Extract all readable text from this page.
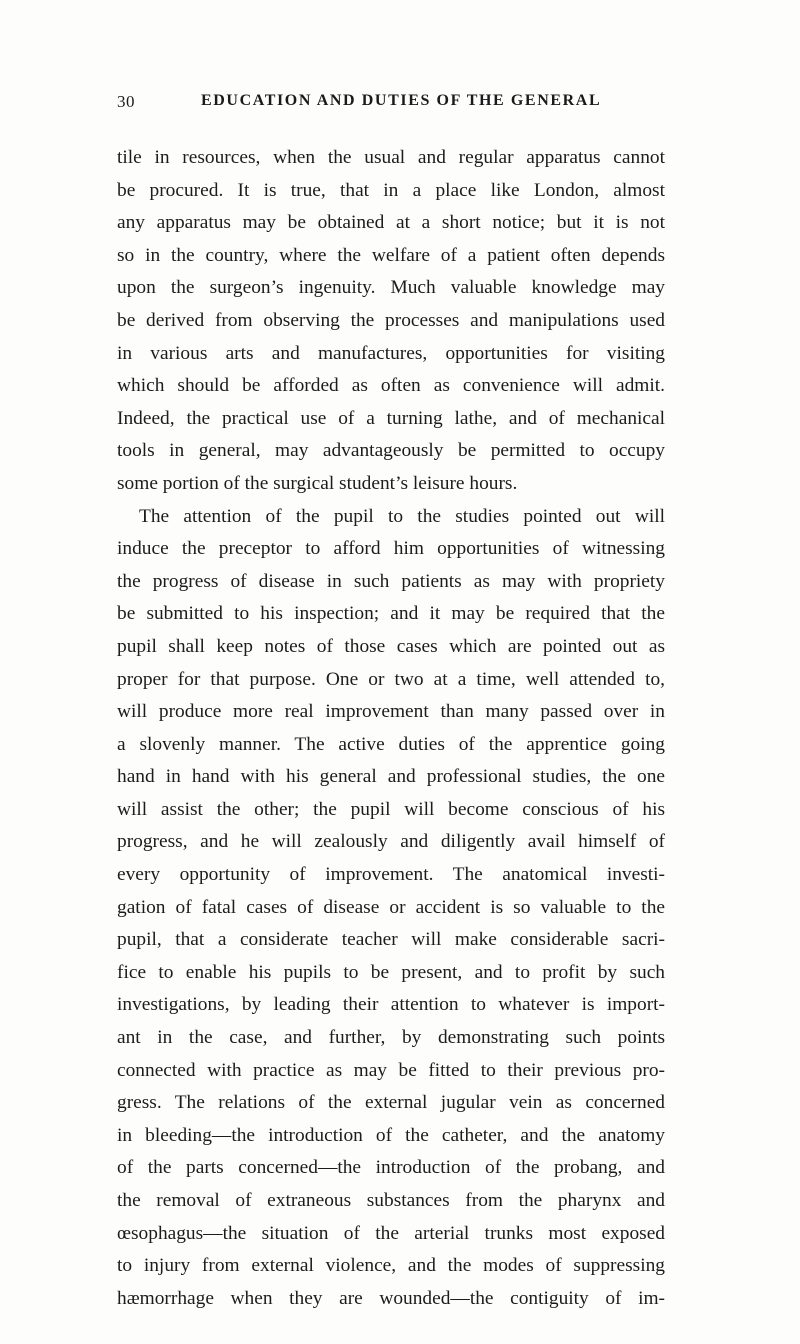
30	EDUCATION AND DUTIES OF THE GENERAL
tile in resources, when the usual and regular apparatus cannot
be procured. It is true, that in a place like London, almost
any apparatus may be obtained at a short notice; but it is not
so in the country, where the welfare of a patient often depends
upon the surgeon’s ingenuity. Much valuable knowledge may
be derived from observing the processes and manipulations used
in various arts and manufactures, opportunities for visiting
which should be afforded as often as convenience will admit.
Indeed, the practical use of a turning lathe, and of mechanical
tools in general, may advantageously be permitted to occupy
some portion of the surgical student’s leisure hours.
The attention of the pupil to the studies pointed out will
induce the preceptor to afford him opportunities of witnessing
the progress of disease in such patients as may with propriety
be submitted to his inspection; and it may be required that the
pupil shall keep notes of those cases which are pointed out as
proper for that purpose. One or two at a time, well attended to,
will produce more real improvement than many passed over in
a slovenly manner. The active duties of the apprentice going
hand in hand with his general and professional studies, the one
will assist the other; the pupil will become conscious of his
progress, and he will zealously and diligently avail himself of
every opportunity of improvement. The anatomical investi-
gation of fatal cases of disease or accident is so valuable to the
pupil, that a considerate teacher will make considerable sacri-
fice to enable his pupils to be present, and to profit by such
investigations, by leading their attention to whatever is import-
ant in the case, and further, by demonstrating such points
connected with practice as may be fitted to their previous pro-
gress. The relations of the external jugular vein as concerned
in bleeding—the introduction of the catheter, and the anatomy
of the parts concerned—the introduction of the probang, and
the removal of extraneous substances from the pharynx and
œsophagus—the situation of the arterial trunks most exposed
to injury from external violence, and the modes of suppressing
hæmorrhage when they are wounded—the contiguity of im-
